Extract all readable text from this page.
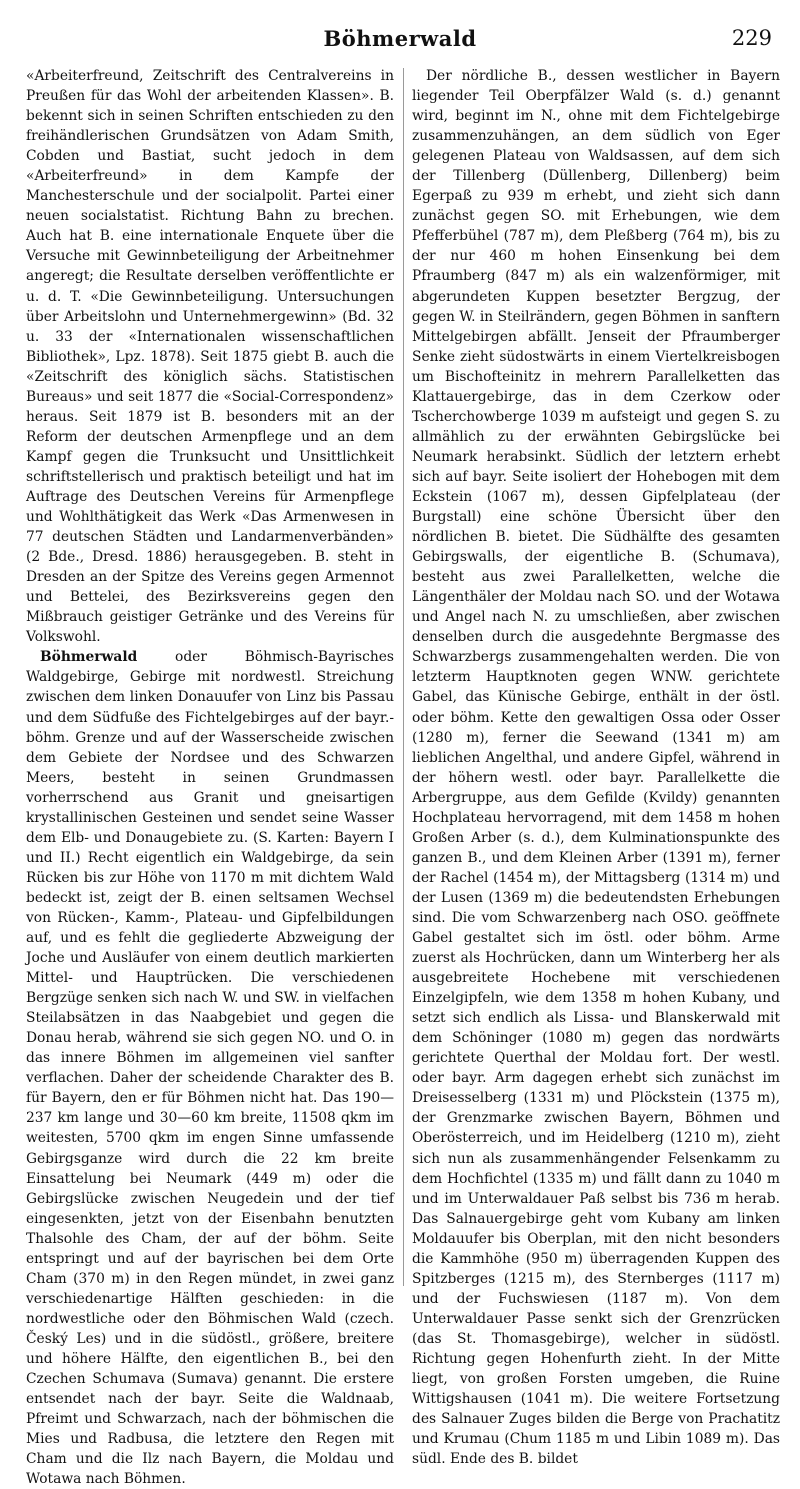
Böhmerwald	229

«Arbeiterfreund, Zeitschrift des Centralvereins in Preußen für das Wohl der arbeitenden Klassen». B. bekennt sich in seinen Schriften entschieden zu den freihändlerischen Grundsätzen von Adam Smith, Cobden und Bastiat, sucht jedoch in dem «Arbeiterfreund» in dem Kampfe der Manchesterschule und der socialpolit. Partei einer neuen socialstatist. Richtung Bahn zu brechen. Auch hat B. eine internationale Enquete über die Versuche mit Gewinnbeteiligung der Arbeitnehmer angeregt; die Resultate derselben veröffentlichte er u. d. T. «Die Gewinnbeteiligung. Untersuchungen über Arbeitslohn und Unternehmergewinn» (Bd. 32 u. 33 der «Internationalen wissenschaftlichen Bibliothek», Lpz. 1878). Seit 1875 giebt B. auch die «Zeitschrift des königlich sächs. Statistischen Bureaus» und seit 1877 die «Social-Correspondenz» heraus. Seit 1879 ist B. besonders mit an der Reform der deutschen Armenpflege und an dem Kampf gegen die Trunksucht und Unsittlichkeit schriftstellerisch und praktisch beteiligt und hat im Auftrage des Deutschen Vereins für Armenpflege und Wohlthätigkeit das Werk «Das Armenwesen in 77 deutschen Städten und Landarmenverbänden» (2 Bde., Dresd. 1886) herausgegeben. B. steht in Dresden an der Spitze des Vereins gegen Armennot und Bettelei, des Bezirksvereins gegen den Mißbrauch geistiger Getränke und des Vereins für Volkswohl.

Böhmerwald	oder Böhmisch-Bayrisches Waldgebirge, Gebirge mit nordwestl. Streichung zwischen dem linken Donauufer von Linz bis Passau und dem Südfuße des Fichtelgebirges auf der bayr.-böhm. Grenze und auf der Wasserscheide zwischen dem Gebiete der Nordsee und des Schwarzen Meers, besteht in seinen Grundmassen vorherrschend aus Granit und gneisartigen krystallinischen Gesteinen und sendet seine Wasser dem Elb- und Donaugebiete zu. (S. Karten: Bayern I und II.) Recht eigentlich ein Waldgebirge, da sein Rücken bis zur Höhe von 1170 m mit dichtem Wald bedeckt ist, zeigt der B. einen seltsamen Wechsel von Rücken-, Kamm-, Plateau- und Gipfelbildungen auf, und es fehlt die gegliederte Abzweigung der Joche und Ausläufer von einem deutlich markierten Mittel- und Hauptrücken. Die verschiedenen Bergzüge senken sich nach W. und SW. in vielfachen Steilabsätzen in das Naabgebiet und gegen die Donau herab, während sie sich gegen NO. und O. in das innere Böhmen im allgemeinen viel sanfter verflachen. Daher der scheidende Charakter des B. für Bayern, den er für Böhmen nicht hat. Das 190—237 km lange und 30—60 km breite, 11508 qkm im weitesten, 5700 qkm im engen Sinne umfassende Gebirgsganze wird durch die 22 km breite Einsattelung bei Neumark (449 m) oder die Gebirgslücke zwischen Neugedein und der tief eingesenkten, jetzt von der Eisenbahn benutzten Thalsohle des Cham, der auf der böhm. Seite entspringt und auf der bayrischen bei dem Orte Cham (370 m) in den Regen mündet, in zwei ganz verschiedenartige Hälften geschieden: in die nordwestliche oder den Böhmischen Wald (czech. Český Les) und in die südöstl., größere, breitere und höhere Hälfte, den eigentlichen B., bei den Czechen Schumava (Sumava) genannt. Die erstere entsendet nach der bayr. Seite die Waldnaab, Pfreimt und Schwarzach, nach der böhmischen die Mies und Radbusa, die letztere den Regen mit Cham und die Ilz nach Bayern, die Moldau und Wotawa nach Böhmen.

Der nördliche B., dessen westlicher in Bayern liegender Teil Oberpfälzer Wald (s. d.) genannt wird, beginnt im N., ohne mit dem Fichtelgebirge zusammenzuhängen, an dem südlich von Eger gelegenen Plateau von Waldsassen, auf dem sich der Tillenberg (Düllenberg, Dillenberg) beim Egerpaß zu 939 m erhebt, und zieht sich dann zunächst gegen SO. mit Erhebungen, wie dem Pfefferbühel (787 m), dem Pleßberg (764 m), bis zu der nur 460 m hohen Einsenkung bei dem Pfraumberg (847 m) als ein walzenförmiger, mit abgerundeten Kuppen besetzter Bergzug, der gegen W. in Steilrändern, gegen Böhmen in sanftern Mittelgebirgen abfällt. Jenseit der Pfraumberger Senke zieht südostwärts in einem Viertelkreisbogen um Bischofteinitz in mehrern Parallelketten das Klattauergebirge, das in dem Czerkow oder Tscherchowberge 1039 m aufsteigt und gegen S. zu allmählich zu der erwähnten Gebirgslücke bei Neumark herabsinkt. Südlich der letztern erhebt sich auf bayr. Seite isoliert der Hohebogen mit dem Eckstein (1067 m), dessen Gipfelplateau (der Burgstall) eine schöne Übersicht über den nördlichen B. bietet. Die Südhälfte des gesamten Gebirgswalls, der eigentliche B. (Schumava), besteht aus zwei Parallelketten, welche die Längenthäler der Moldau nach SO. und der Wotawa und Angel nach N. zu umschließen, aber zwischen denselben durch die ausgedehnte Bergmasse des Schwarzbergs zusammengehalten werden. Die von letzterm Hauptknoten gegen WNW. gerichtete Gabel, das Künische Gebirge, enthält in der östl. oder böhm. Kette den gewaltigen Ossa oder Osser (1280 m), ferner die Seewand (1341 m) am lieblichen Angelthal, und andere Gipfel, während in der höhern westl. oder bayr. Parallelkette die Arbergruppe, aus dem Gefilde (Kvildy) genannten Hochplateau hervorragend, mit dem 1458 m hohen Großen Arber (s. d.), dem Kulminationspunkte des ganzen B., und dem Kleinen Arber (1391 m), ferner der Rachel (1454 m), der Mittagsberg (1314 m) und der Lusen (1369 m) die bedeutendsten Erhebungen sind. Die vom Schwarzenberg nach OSO. geöffnete Gabel gestaltet sich im östl. oder böhm. Arme zuerst als Hochrücken, dann um Winterberg her als ausgebreitete Hochebene mit verschiedenen Einzelgipfeln, wie dem 1358 m hohen Kubany, und setzt sich endlich als Lissa- und Blanskerwald mit dem Schöninger (1080 m) gegen das nordwärts gerichtete Querthal der Moldau fort. Der westl. oder bayr. Arm dagegen erhebt sich zunächst im Dreisesselberg (1331 m) und Plöckstein (1375 m), der Grenzmarke zwischen Bayern, Böhmen und Oberösterreich, und im Heidelberg (1210 m), zieht sich nun als zusammenhängender Felsenkamm zu dem Hochfichtel (1335 m) und fällt dann zu 1040 m und im Unterwaldauer Paß selbst bis 736 m herab. Das Salnauergebirge geht vom Kubany am linken Moldauufer bis Oberplan, mit den nicht besonders die Kammhöhe (950 m) überragenden Kuppen des Spitzberges (1215 m), des Sternberges (1117 m) und der Fuchswiesen (1187 m). Von dem Unterwaldauer Passe senkt sich der Grenzrücken (das St. Thomasgebirge), welcher in südöstl. Richtung gegen Hohenfurth zieht. In der Mitte liegt, von großen Forsten umgeben, die Ruine Wittigshausen (1041 m). Die weitere Fortsetzung des Salnauer Zuges bilden die Berge von Prachatitz und Krumau (Chum 1185 m und Libin 1089 m). Das südl. Ende des B. bildet
